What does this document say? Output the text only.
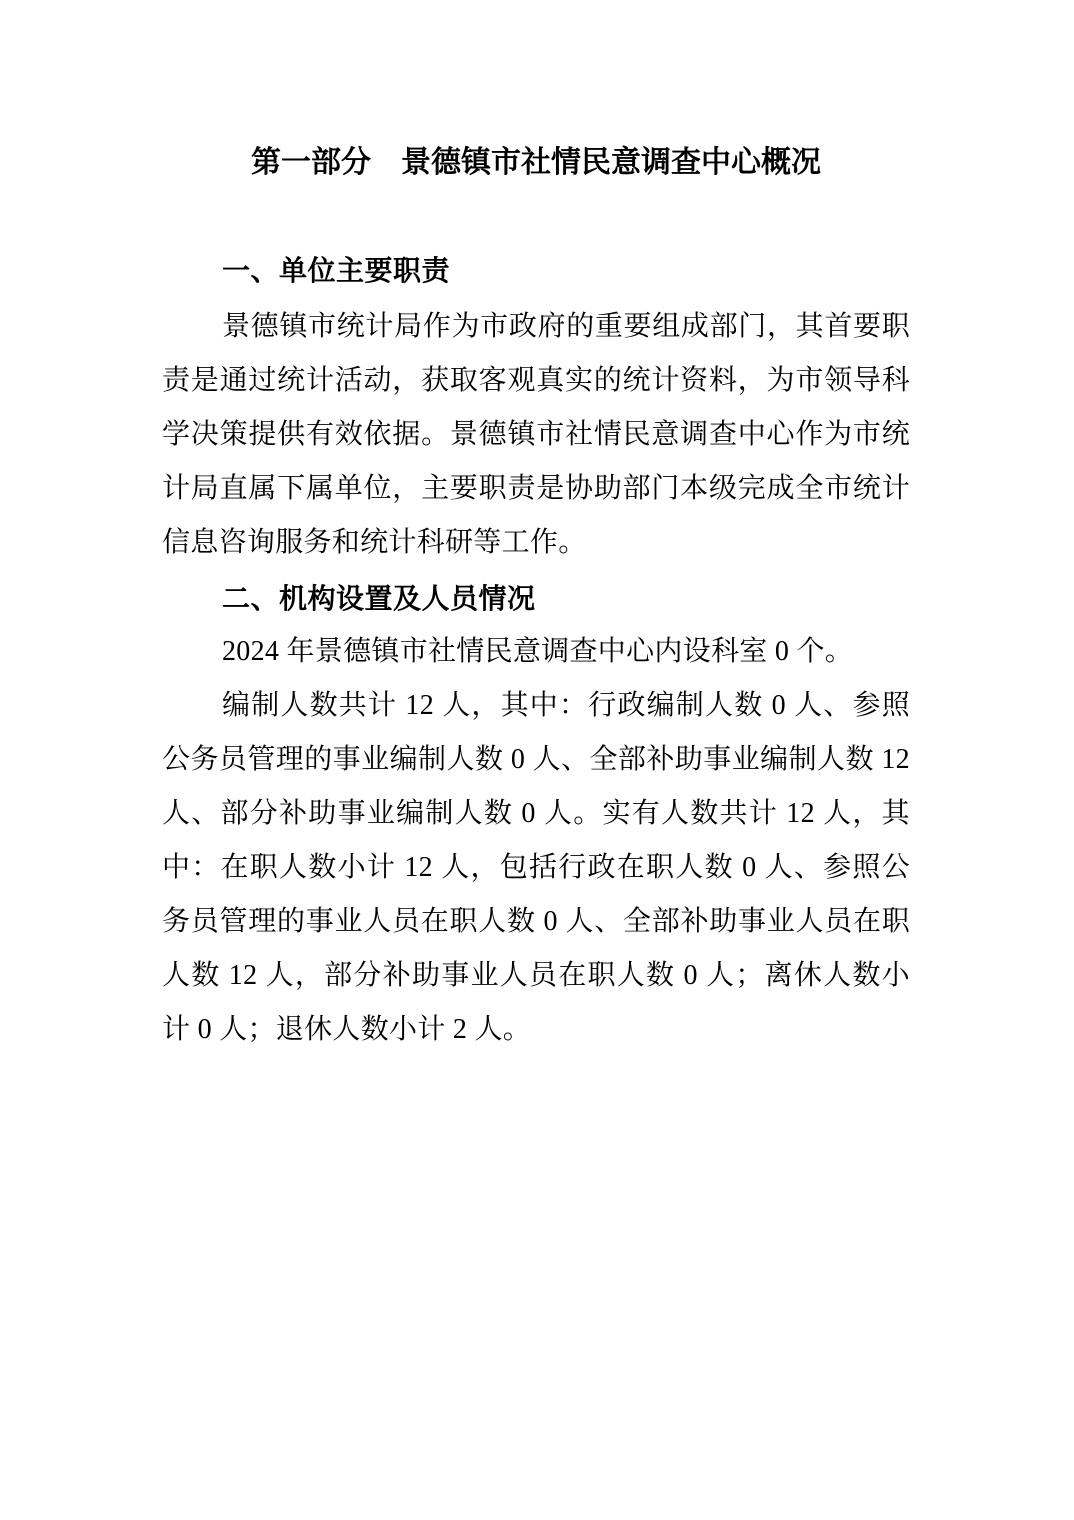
第一部分　景德镇市社情民意调查中心概况
一、单位主要职责
景德镇市统计局作为市政府的重要组成部门，其首要职
责是通过统计活动，获取客观真实的统计资料，为市领导科
学决策提供有效依据。景德镇市社情民意调查中心作为市统
计局直属下属单位，主要职责是协助部门本级完成全市统计
信息咨询服务和统计科研等工作。
二、机构设置及人员情况
2024 年景德镇市社情民意调查中心内设科室 0 个。
编制人数共计 12 人，其中：行政编制人数 0 人、参照
公务员管理的事业编制人数 0 人、全部补助事业编制人数 12
人、部分补助事业编制人数 0 人。实有人数共计 12 人，其
中：在职人数小计 12 人，包括行政在职人数 0 人、参照公
务员管理的事业人员在职人数 0 人、全部补助事业人员在职
人数 12 人，部分补助事业人员在职人数 0 人；离休人数小
计 0 人；退休人数小计 2 人。
